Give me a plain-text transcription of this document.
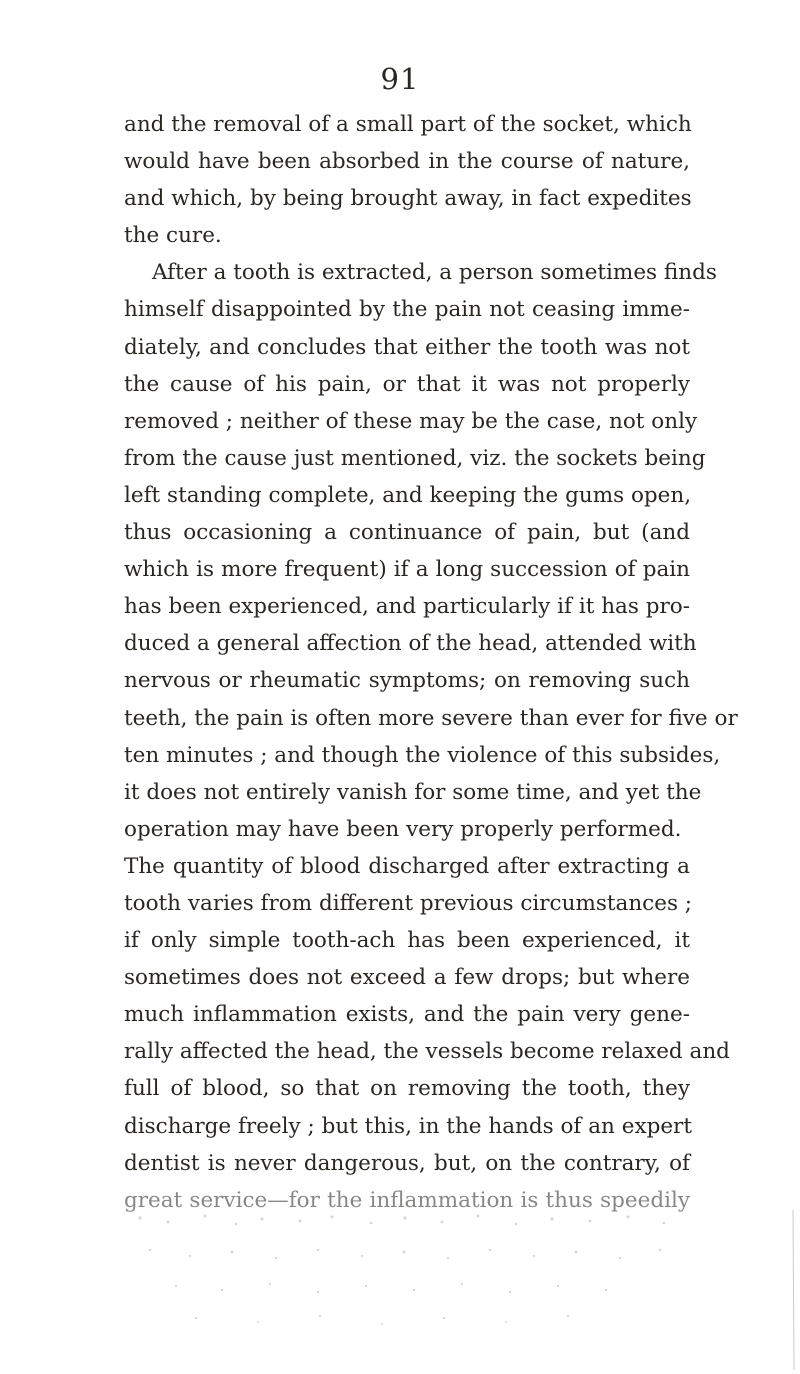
91
and the removal of a small part of the socket, which
would have been absorbed in the course of nature,
and which, by being brought away, in fact expedites
the cure.
After a tooth is extracted, a person sometimes finds
himself disappointed by the pain not ceasing imme-
diately, and concludes that either the tooth was not
the cause of his pain, or that it was not properly
removed ; neither of these may be the case, not only
from the cause just mentioned, viz. the sockets being
left standing complete, and keeping the gums open,
thus occasioning a continuance of pain, but (and
which is more frequent) if a long succession of pain
has been experienced, and particularly if it has pro-
duced a general affection of the head, attended with
nervous or rheumatic symptoms; on removing such
teeth, the pain is often more severe than ever for five or
ten minutes ; and though the violence of this subsides,
it does not entirely vanish for some time, and yet the
operation may have been very properly performed.
The quantity of blood discharged after extracting a
tooth varies from different previous circumstances ;
if only simple tooth-ach has been experienced, it
sometimes does not exceed a few drops; but where
much inflammation exists, and the pain very gene-
rally affected the head, the vessels become relaxed and
full of blood, so that on removing the tooth, they
discharge freely ; but this, in the hands of an expert
dentist is never dangerous, but, on the contrary, of
great service—for the inflammation is thus speedily
